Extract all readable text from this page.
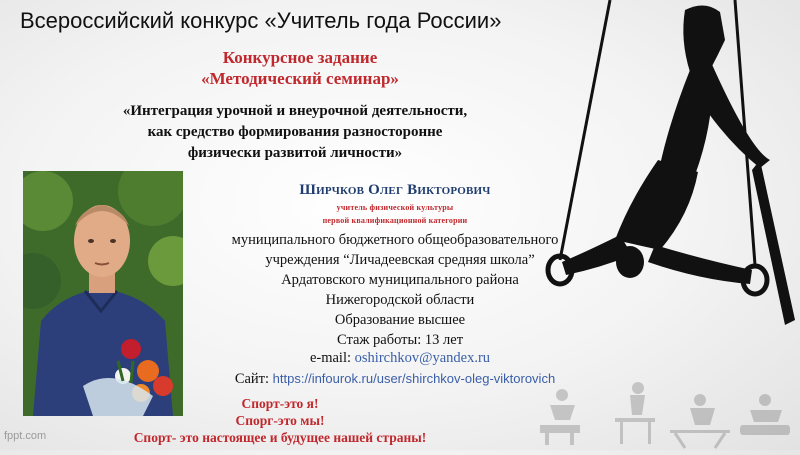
Всероссийский конкурс «Учитель года России»
Конкурсное задание
«Методический семинар»
«Интеграция урочной и внеурочной деятельности,
как средство формирования разносторонне
физически развитой личности»
Ширчков Олег Викторович
учитель физической культуры
первой квалификационной категории
муниципального бюджетного общеобразовательного
учреждения “Личадеевская средняя школа”
Ардатовского муниципального района
Нижегородской области
Образование высшее
Стаж работы: 13 лет
e-mail: oshirchkov@yandex.ru
Сайт: https://infourok.ru/user/shirchkov-oleg-viktorovich
Спорт-это я!
Спорг-это мы!
Спорт- это настоящее и будущее нашей страны!
fppt.com
